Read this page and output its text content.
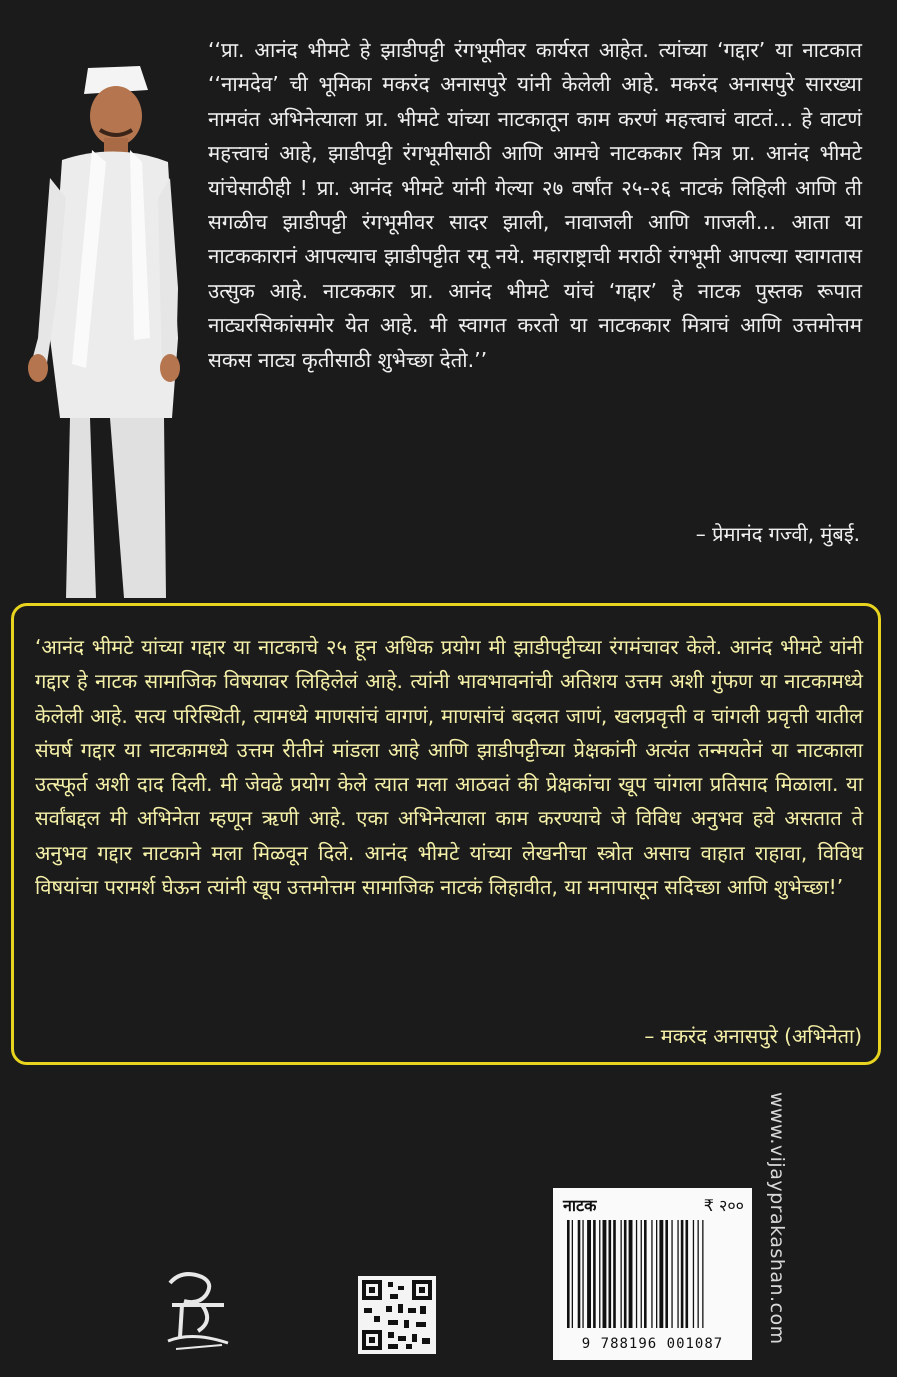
‘‘प्रा. आनंद भीमटे हे झाडीपट्टी रंगभूमीवर कार्यरत आहेत. त्यांच्या ‘गद्दार’ या नाटकात ‘‘नामदेव’ ची भूमिका मकरंद अनासपुरे यांनी केलेली आहे. मकरंद अनासपुरे सारख्या नामवंत अभिनेत्याला प्रा. भीमटे यांच्या नाटकातून काम करणं महत्त्वाचं वाटतं… हे वाटणं महत्त्वाचं आहे, झाडीपट्टी रंगभूमीसाठी आणि आमचे नाटककार मित्र प्रा. आनंद भीमटे यांचेसाठीही ! प्रा. आनंद भीमटे यांनी गेल्या २७ वर्षांत २५-२६ नाटकं लिहिली आणि ती सगळीच झाडीपट्टी रंगभूमीवर सादर झाली, नावाजली आणि गाजली… आता या नाटककारानं आपल्याच झाडीपट्टीत रमू नये. महाराष्ट्राची मराठी रंगभूमी आपल्या स्वागतास उत्सुक आहे. नाटककार प्रा. आनंद भीमटे यांचं ‘गद्दार’ हे नाटक पुस्तक रूपात नाट्यरसिकांसमोर येत आहे. मी स्वागत करतो या नाटककार मित्राचं आणि उत्तमोत्तम सकस नाट्य कृतीसाठी शुभेच्छा देतो.’’
– प्रेमानंद गज्वी, मुंबई.
‘आनंद भीमटे यांच्या गद्दार या नाटकाचे २५ हून अधिक प्रयोग मी झाडीपट्टीच्या रंगमंचावर केले. आनंद भीमटे यांनी गद्दार हे नाटक सामाजिक विषयावर लिहिलेलं आहे. त्यांनी भावभावनांची अतिशय उत्तम अशी गुंफण या नाटकामध्ये केलेली आहे. सत्य परिस्थिती, त्यामध्ये माणसांचं वागणं, माणसांचं बदलत जाणं, खलप्रवृत्ती व चांगली प्रवृत्ती यातील संघर्ष गद्दार या नाटकामध्ये उत्तम रीतीनं मांडला आहे आणि झाडीपट्टीच्या प्रेक्षकांनी अत्यंत तन्मयतेनं या नाटकाला उत्स्फूर्त अशी दाद दिली. मी जेवढे प्रयोग केले त्यात मला आठवतं की प्रेक्षकांचा खूप चांगला प्रतिसाद मिळाला. या सर्वांबद्दल मी अभिनेता म्हणून ऋणी आहे. एका अभिनेत्याला काम करण्याचे जे विविध अनुभव हवे असतात ते अनुभव गद्दार नाटकाने मला मिळवून दिले. आनंद भीमटे यांच्या लेखनीचा स्त्रोत असाच वाहात राहावा, विविध विषयांचा परामर्श घेऊन त्यांनी खूप उत्तमोत्तम सामाजिक नाटकं लिहावीत, या मनापासून सदिच्छा आणि शुभेच्छा!’
– मकरंद अनासपुरे (अभिनेता)
www.vijayprakashan.com
नाटक	₹ २००
9 788196 001087
